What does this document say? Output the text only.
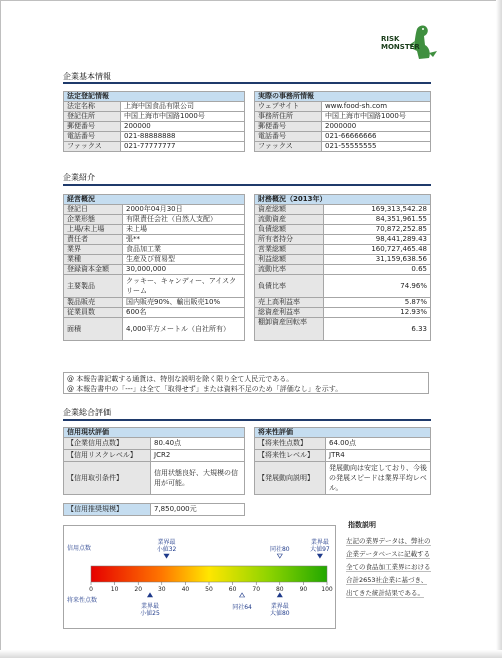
RISK
MONSTER
企業基本情報
法定登記情報	
法定名称	上海中国食品有限公司
登記住所	中国上海市中国路1000号
郵便番号	200000
電話番号	021-88888888
ファックス	021-77777777
実際の事務所情報	
ウェブサイト	www.food-sh.com
事務所住所	中国上海市中国路1000号
郵便番号	2000000
電話番号	021-66666666
ファックス	021-55555555
企業紹介
経営概況	
登記日	2000年04月30日
企業形態	有限責任会社（自然人支配）
上場/未上場	未上場
責任者	張**
業界	食品加工業
業種	生産及び貿易型
登録資本金額	30,000,000
主要製品	クッキー、キャンディー、アイスクリーム
製品販売	国内販売90%、輸出販売10%
従業員数	600名
面積	4,000平方メートル（自社所有）
財務概況（2013年）	
資産総額	169,313,542.28
流動資産	84,351,961.55
負債総額	70,872,252.85
所有者持分	98,441,289.43
営業総額	160,727,465.48
利益総額	31,159,638.56
流動比率	0.65
負債比率	74.96%
売上高利益率	5.87%
総資産利益率	12.93%
棚卸資産回転率	6.33
@ 本報告書記載する通貨は、特別な説明を除く限り全て人民元である。
@ 本報告書中の「---」は全て「取得せず」または資料不足のため「評価なし」を示す。
企業総合評価
信用現状評価	
【企業信用点数】	80.40点
【信用リスクレベル】	JCR2
【信用取引条件】	信用状態良好、大規模の信用が可能。
将来性評価	
【将来性点数】	64.00点
【将来性レベル】	JTR4
【発展動向説明】	発展動向は安定しており、今後の発展スピードは業界平均レベル。
【信用推奨規模】	7,850,000元
0	10	20	30	40	50	60	70	80	90 100
信用点数
将来性点数
業界最
小値32	同社80
業界最
大値97
業界最
小値25
同社64	業界最
大値80
指数説明
左記の業界データは、弊社の企業データベースに記載する全ての食品加工業界における合計2653社企業に基づき、出てきた統計結果である。
